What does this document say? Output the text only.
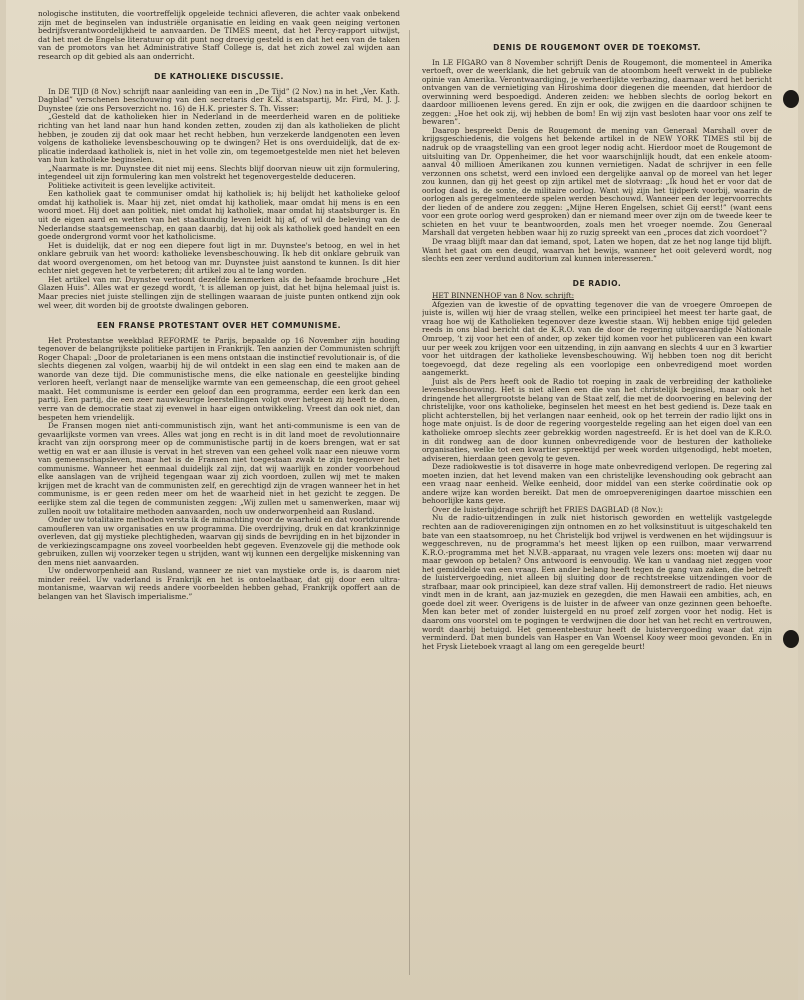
nologische instituten, die voortreffelijk opgeleide technici afleveren, die achter vaak onbekend zijn met de beginselen van industriële organisatie en leiding en vaak geen neiging vertonen bedrijfsverantwoordelijkheid te aanvaarden. De TIMES meent, dat het Percy-rapport uitwijst, dat het met de Engelse literatuur op dit punt nog droevig gesteld is en dat het een van de taken van de promotors van het Administrative Staff College is, dat het zich zowel zal wijden aan research op dit gebied als aan onderricht.

DE KATHOLIEKE DISCUSSIE.

In DE TIJD (8 Nov.) schrijft naar aanleiding van een in „De Tijd” (2 Nov.) na in het „Ver. Kath. Dagblad” verschenen beschouwing van den secretaris der K.K. staatspartij, Mr. Fird, M. J. J. Duynstee (zie ons Persoverzicht no. 16) de H.K. priester S. Th. Visser:

„Gesteld dat de katholieken hier in Nederland in de meerderheid waren en de politieke richting van het land naar hun hand konden zetten, zouden zij dan als katholieken de plicht hebben, je zouden zij dat ook maar het recht hebben, hun verzekerde landgenoten een leven volgens de katholieke levensbeschouwing op te dwingen? Het is ons overduidelijk, dat de ex-plicatie inderdaad katholiek is, niet in het volle zin, om tegemoetgestelde men niet het beleven van hun katholieke beginselen.

„Naarmate is mr. Duynstee dit niet mij eens. Slechts blijf doorvan nieuw uit zijn formulering, integendeel uit zijn formulering kan men volstrekt het tegenovergestelde deduceren.

Politieke activiteit is geen levelijke activiteit.

Een katholiek gaat te communiser omdat hij katholiek is; hij belijdt het katholieke geloof omdat hij katholiek is. Maar hij zet, niet omdat hij katholiek, maar omdat hij mens is en een woord moet. Hij doet aan politiek, niet omdat hij katholiek, maar omdat hij staatsburger is. En uit de eigen aard en wetten van het staatkundig leven leidt hij af, of wil de beleving van de Nederlandse staatsgemeenschap, en gaan daarbij, dat hij ook als katholiek goed handelt en een goede ondergrond vormt voor het katholicisme.

Het is duidelijk, dat er nog een diepere fout ligt in mr. Duynstee's betoog, en wel in het onklare gebruik van het woord: katholieke levensbeschouwing. Ik heb dit onklare gebruik van dat woord overgenomen, om het betoog van mr. Duynstee juist aanstond te kunnen. Is dit hier echter niet gegeven het te verbeteren; dit artikel zou al te lang worden.

Het artikel van mr. Duynstee vertoont dezelfde kenmerken als de befaamde brochure „Het Glazen Huis”. Alles wat er gezegd wordt, ’t is alleman op juist, dat het bijna helemaal juist is. Maar precies niet juiste stellingen zijn de stellingen waaraan de juiste punten ontkend zijn ook wel weer, dit worden bij de grootste dwalingen geboren.

EEN FRANSE PROTESTANT OVER HET COMMUNISME.

Het Protestantse weekblad REFORME te Parijs, bepaalde op 16 November zijn houding tegenover de belangrijkste politieke partijen in Frankrijk. Ten aanzien der Communisten schrijft Roger Chapal: „Door de proletarianen is een mens ontstaan die instinctief revolutionair is, of die slechts diegenen zal volgen, waarbij hij de wil ontdekt in een slag een eind te maken aan de wanorde van deze tijd. Die communistische mens, die elke nationale en geestelijke binding verloren heeft, verlangt naar de menselijke warmte van een gemeenschap, die een groot geheel maakt. Het communisme is eerder een geloof dan een programma, eerder een kerk dan een partij. Een partij, die een zeer nauwkeurige leerstellingen volgt over hetgeen zij heeft te doen, verre van de democratie staat zij evenwel in haar eigen ontwikkeling. Vreest dan ook niet, dan bespeten hem vriendelijk.

De Fransen mogen niet anti-communistisch zijn, want het anti-communisme is een van de gevaarlijkste vormen van vrees. Alles wat jong en recht is in dit land moet de revolutionnaire kracht van zijn oorsprong meer op de communistische partij in de koers brengen, wat er sat wettig en wat er aan illusie is vervat in het streven van een geheel volk naar een nieuwe vorm van gemeenschapsleven, maar het is de Fransen niet toegestaan zwak te zijn tegenover het communisme. Wanneer het eenmaal duidelijk zal zijn, dat wij waarlijk en zonder voorbehoud elke aanslagen van de vrijheid tegengaan waar zij zich voordoen, zullen wij met te maken krijgen met de kracht van de communisten zelf, en gerechtigd zijn de vragen wanneer het in het communisme, is er geen reden meer om het de waarheid niet in het gezicht te zeggen. De eerlijke stem zal die tegen de communisten zeggen: „Wij zullen met u samenwerken, maar wij zullen nooit uw totalitaire methoden aanvaarden, noch uw onderworpenheid aan Rusland.

Onder uw totalitaire methoden versta ik de minachting voor de waarheid en dat voortdurende camoufleren van uw organisaties en uw programma. Die overdrijving, druk en dat krankzinnige overleven, dat gij mystieke plechtigheden, waarvan gij sinds de bevrijding en in het bijzonder in de verkiezingscampagne ons zoveel voorbeelden hebt gegeven. Evenzovele gij die methode ook gebruiken, zullen wij voorzeker tegen u strijden, want wij kunnen een dergelijke miskenning van den mens niet aanvaarden.

Uw onderworpenheid aan Rusland, wanneer ze niet van mystieke orde is, is daarom niet minder reëel. Uw vaderland is Frankrijk en het is ontoelaatbaar, dat gij door een ultra-montanisme, waarvan wij reeds andere voorbeelden hebben gehad, Frankrijk opoffert aan de belangen van het Slavisch imperialisme.”

DENIS DE ROUGEMONT OVER DE TOEKOMST.

In LE FIGARO van 8 November schrijft Denis de Rougemont, die momenteel in Amerika vertoeft, over de weerklank, die het gebruik van de atoombom heeft verwekt in de publieke opinie van Amerika. Verontwaardiging, je verheerlijkte verbazing, daarnaar werd het bericht ontvangen van de vernietiging van Hiroshima door diegenen die meenden, dat hierdoor de overwinning werd bespoedigd. Anderen zeiden: we hebben slechts de oorlog bekort en daardoor millioenen levens gered. En zijn er ook, die zwijgen en die daardoor schijnen te zeggen: „Hoe het ook zij, wij hebben de bom! En wij zijn vast besloten haar voor ons zelf te bewaren”.

Daarop bespreekt Denis de Rougemont de mening van Generaal Marshall over de krijgsgeschiedenis, die volgens het bekende artikel in de NEW YORK TIMES stil bij de nadruk op de vraagstelling van een groot leger nodig acht. Hierdoor moet de Rougemont de uitsluiting van Dr. Oppenheimer, die het voor waarschijnlijk houdt, dat een enkele atoom-aanval 40 millioen Amerikanen zou kunnen vernietigen. Nadat de schrijver in een felle verzonnen ons schetst, werd een invloed een dergelijke aanval op de moreel van het leger zou kunnen, dan gij het geest op zijn artikel met de slotvraag: „Ik houd het er voor dat de oorlog daad is, de sonte, de militaire oorlog. Want wij zijn het tijdperk voorbij, waarin de oorlogen als geregelmenteerde spelen werden beschouwd. Wanneer een der legervoorrechts der lieden of de andere zou zeggen: „Mijne Heren Engelsen, schiet Gij eerst!” (want eens voor een grote oorlog werd gesproken) dan er niemand meer over zijn om de tweede keer te schieten en het vuur te beantwoorden, zoals men het vroeger noemde. Zou Generaal Marshall dat vergeten hebben waar hij zo ruzig spreekt van een „proces dat zich voordoet”?

De vraag blijft maar dan dat iemand, spot, Laten we hopen, dat ze het nog lange tijd blijft. Want het gaat om een deugd, waarvan het bewijs, wanneer het ooit geleverd wordt, nog slechts een zeer verdund auditorium zal kunnen interesseren.”

DE RADIO.

HET BINNENHOF van 8 Nov. schrijft:

Afgezien van de kwestie of de opvatting tegenover die van de vroegere Omroepen de juiste is, willen wij hier de vraag stellen, welke een principieel het meest ter harte gaat, de vraag hoe wij de Katholieken tegenover deze kwestie staan. Wij hebben enige tijd geleden reeds in ons blad bericht dat de K.R.O. van de door de regering uitgevaardigde Nationale Omroep, ’t zij voor het een of ander, op zeker tijd komen voor het publiceren van een kwart uur per week zou krijgen voor een uitzending, in zijn aanvang en slechts 4 uur en 3 kwartier voor het uitdragen der katholieke levensbeschouwing. Wij hebben toen nog dit bericht toegevoegd, dat deze regeling als een voorlopige een onbevredigend moet worden aangemerkt.

Juist als de Pers heeft ook de Radio tot roeping in zaak de verbreiding der katholieke levensbeschouwing. Het is niet alleen een die van het christelijk beginsel, maar ook het dringende het allergrootste belang van de Staat zelf, die met de doorvoering en beleving der christelijke, voor ons katholieke, beginselen het meest en het best gediend is. Deze taak en plicht achterstellen, bij het verlangen naar eenheid, ook op het terrein der radio lijkt ons in hoge mate onjuist. Is de door de regering voorgestelde regeling aan het eigen doel van een katholieke omroep slechts zeer gebrekkig worden nagestreefd. Er is het doel van de K.R.O. in dit rondweg aan de door kunnen onbevredigende voor de besturen der katholieke organisaties, welke tot een kwartier spreektijd per week worden uitgenodigd, hebt moeten, adviseren, hierdaan geen gevolg te geven.

Deze radiokwestie is tot disaverre in hoge mate onbevredigend verlopen. De regering zal moeten inzien, dat het levend maken van een christelijke levenshouding ook gebracht aan een vraag naar eenheid. Welke eenheid, door middel van een sterke coördinatie ook op andere wijze kan worden bereikt. Dat men de omroepverenigingen daartoe misschien een behoorlijke kans geve.

Over de luisterbijdrage schrijft het FRIES DAGBLAD (8 Nov.):

Nu de radio-uitzendingen in zulk niet historisch geworden en wettelijk vastgelegde rechten aan de radioverenigingen zijn ontnomen en zo het volksinstituut is uitgeschakeld ten bate van een staatsomroep, nu het Christelijk bod vrijwel is verdwenen en het wijdingsuur is weggeschreven, nu de programma's het meest lijken op een ruilbon, maar verwarrend K.R.O.-programma met het N.V.B.-apparaat, nu vragen vele lezers ons: moeten wij daar nu maar gewoon op betalen? Ons antwoord is eenvoudig. We kan u vandaag niet zeggen voor het gemiddelde van een vraag. Een ander belang heeft tegen de gang van zaken, die betreft de luistervergoeding, niet alleen bij sluiting door de rechtstreekse uitzendingen voor de strafbaar, maar ook principieel, kan deze straf vallen. Hij demonstreert de radio. Het nieuws vindt men in de krant, aan jaz-muziek en gezegden, die men Hawaii een ambities, ach, en goede doel zit weer. Overigens is de luister in de afweer van onze gezinnen geen behoefte. Men kan beter met of zonder luistergeld en nu proef zelf zorgen voor het nodig. Het is daarom ons voorstel om te pogingen te verdwijnen die door het van het recht en vertrouwen, wordt daarbij betuigd. Het gemeentebestuur heeft de luistervergoeding waar dat zijn verminderd. Dat men bundels van Hasper en Van Woensel Kooy weer mooi gevonden. En in het Frysk Lieteboek vraagt al lang om een geregelde beurt!
